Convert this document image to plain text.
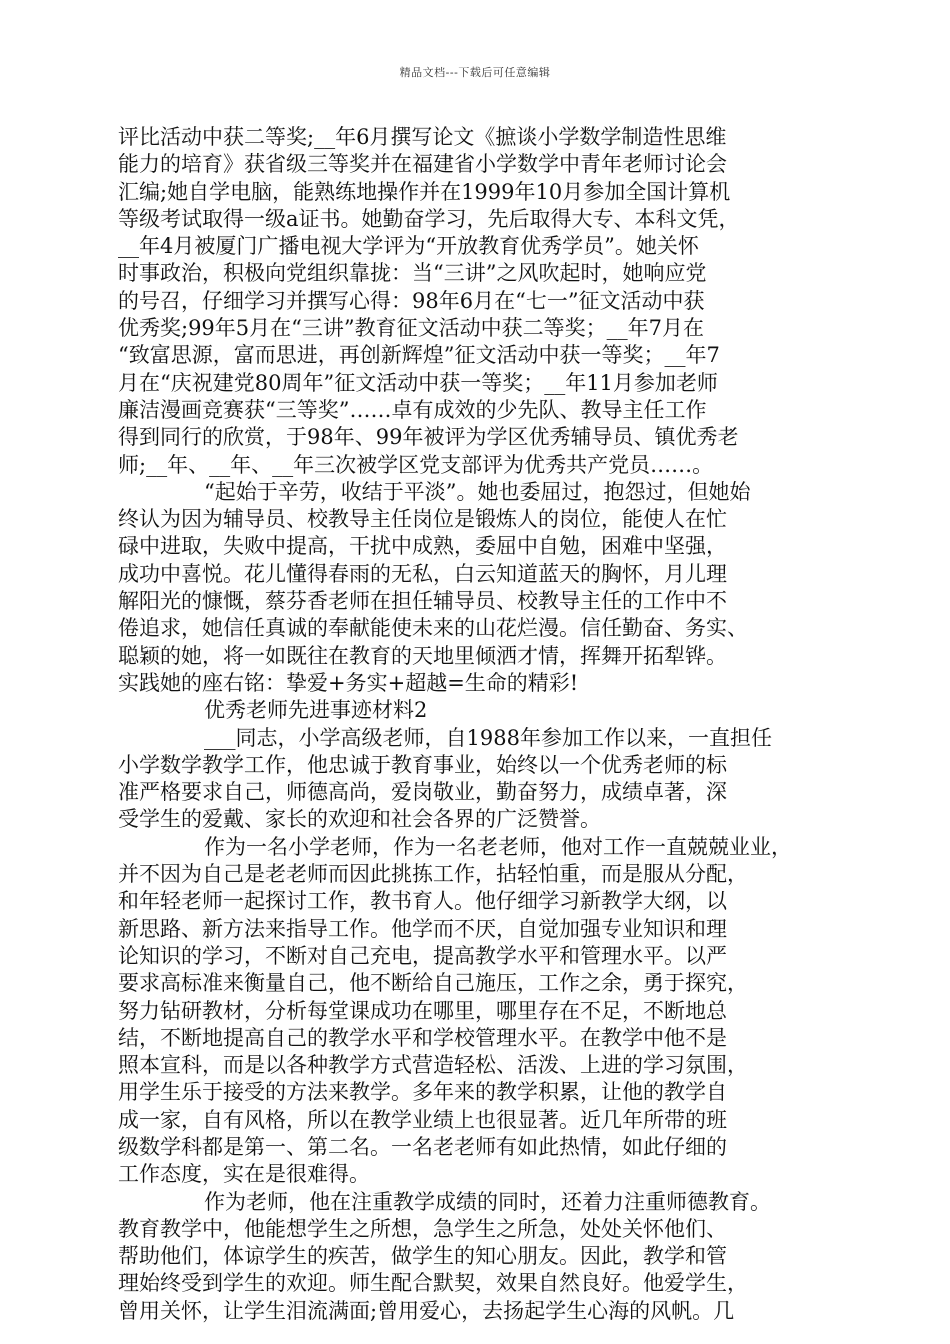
精品文档---下载后可任意编辑
评比活动中获二等奖;__年6月撰写论文《摭谈小学数学制造性思维
能力的培育》获省级三等奖并在福建省小学数学中青年老师讨论会
汇编;她自学电脑，能熟练地操作并在1999年10月参加全国计算机
等级考试取得一级a证书。她勤奋学习，先后取得大专、本科文凭，
__年4月被厦门广播电视大学评为“开放教育优秀学员”。她关怀
时事政治，积极向党组织靠拢：当“三讲”之风吹起时，她响应党
的号召，仔细学习并撰写心得：98年6月在“七一”征文活动中获
优秀奖;99年5月在“三讲”教育征文活动中获二等奖；__年7月在
“致富思源，富而思进，再创新辉煌”征文活动中获一等奖；__年7
月在“庆祝建党80周年”征文活动中获一等奖；__年11月参加老师
廉洁漫画竞赛获“三等奖”……卓有成效的少先队、教导主任工作
得到同行的欣赏，于98年、99年被评为学区优秀辅导员、镇优秀老
师;__年、__年、__年三次被学区党支部评为优秀共产党员……。
“起始于辛劳，收结于平淡”。她也委屈过，抱怨过，但她始
终认为因为辅导员、校教导主任岗位是锻炼人的岗位，能使人在忙
碌中进取，失败中提高，干扰中成熟，委屈中自勉，困难中坚强，
成功中喜悦。花儿懂得春雨的无私，白云知道蓝天的胸怀，月儿理
解阳光的慷慨，蔡芬香老师在担任辅导员、校教导主任的工作中不
倦追求，她信任真诚的奉献能使未来的山花烂漫。信任勤奋、务实、
聪颖的她，将一如既往在教育的天地里倾洒才情，挥舞开拓犁铧。
实践她的座右铭：挚爱+务实+超越=生命的精彩!
优秀老师先进事迹材料2
___同志，小学高级老师，自1988年参加工作以来，一直担任
小学数学教学工作，他忠诚于教育事业，始终以一个优秀老师的标
准严格要求自己，师德高尚，爱岗敬业，勤奋努力，成绩卓著，深
受学生的爱戴、家长的欢迎和社会各界的广泛赞誉。
作为一名小学老师，作为一名老老师，他对工作一直兢兢业业，
并不因为自己是老老师而因此挑拣工作，拈轻怕重，而是服从分配，
和年轻老师一起探讨工作，教书育人。他仔细学习新教学大纲，以
新思路、新方法来指导工作。他学而不厌，自觉加强专业知识和理
论知识的学习，不断对自己充电，提高教学水平和管理水平。以严
要求高标准来衡量自己，他不断给自己施压，工作之余，勇于探究，
努力钻研教材，分析每堂课成功在哪里，哪里存在不足，不断地总
结，不断地提高自己的教学水平和学校管理水平。在教学中他不是
照本宣科，而是以各种教学方式营造轻松、活泼、上进的学习氛围，
用学生乐于接受的方法来教学。多年来的教学积累，让他的教学自
成一家，自有风格，所以在教学业绩上也很显著。近几年所带的班
级数学科都是第一、第二名。一名老老师有如此热情，如此仔细的
工作态度，实在是很难得。
作为老师，他在注重教学成绩的同时，还着力注重师德教育。
教育教学中，他能想学生之所想，急学生之所急，处处关怀他们、
帮助他们，体谅学生的疾苦，做学生的知心朋友。因此，教学和管
理始终受到学生的欢迎。师生配合默契，效果自然良好。他爱学生，
曾用关怀，让学生泪流满面;曾用爱心，去扬起学生心海的风帆。几
